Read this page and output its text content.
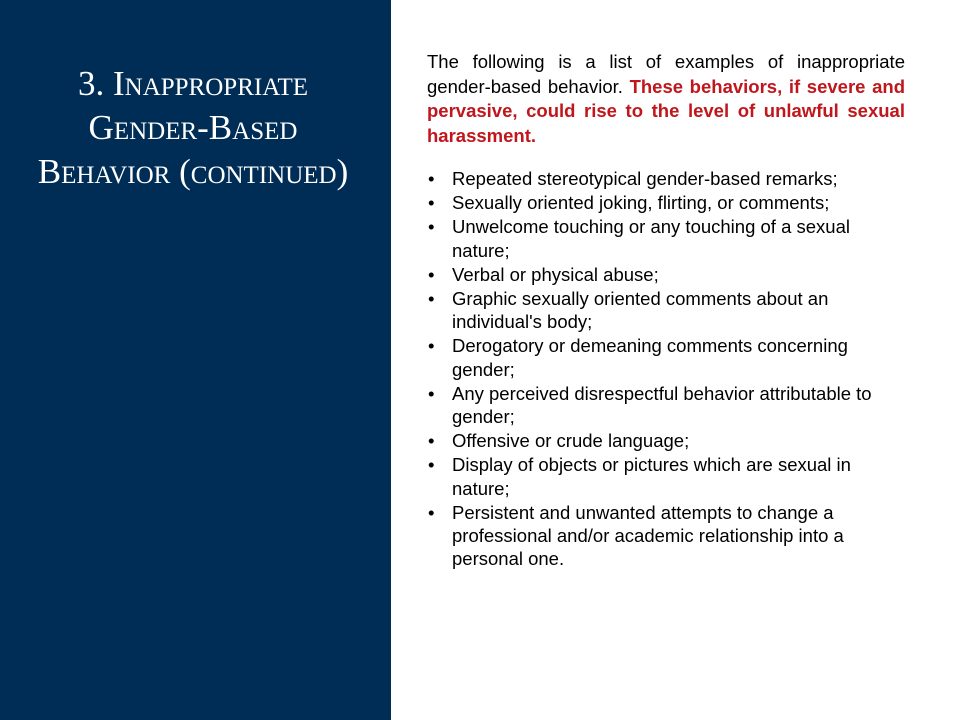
3. Inappropriate Gender-Based Behavior (continued)

The following is a list of examples of inappropriate gender-based behavior. These behaviors, if severe and pervasive, could rise to the level of unlawful sexual harassment.

• Repeated stereotypical gender-based remarks;
• Sexually oriented joking, flirting, or comments;
• Unwelcome touching or any touching of a sexual nature;
• Verbal or physical abuse;
• Graphic sexually oriented comments about an individual's body;
• Derogatory or demeaning comments concerning gender;
• Any perceived disrespectful behavior attributable to gender;
• Offensive or crude language;
• Display of objects or pictures which are sexual in nature;
• Persistent and unwanted attempts to change a professional and/or academic relationship into a personal one.
